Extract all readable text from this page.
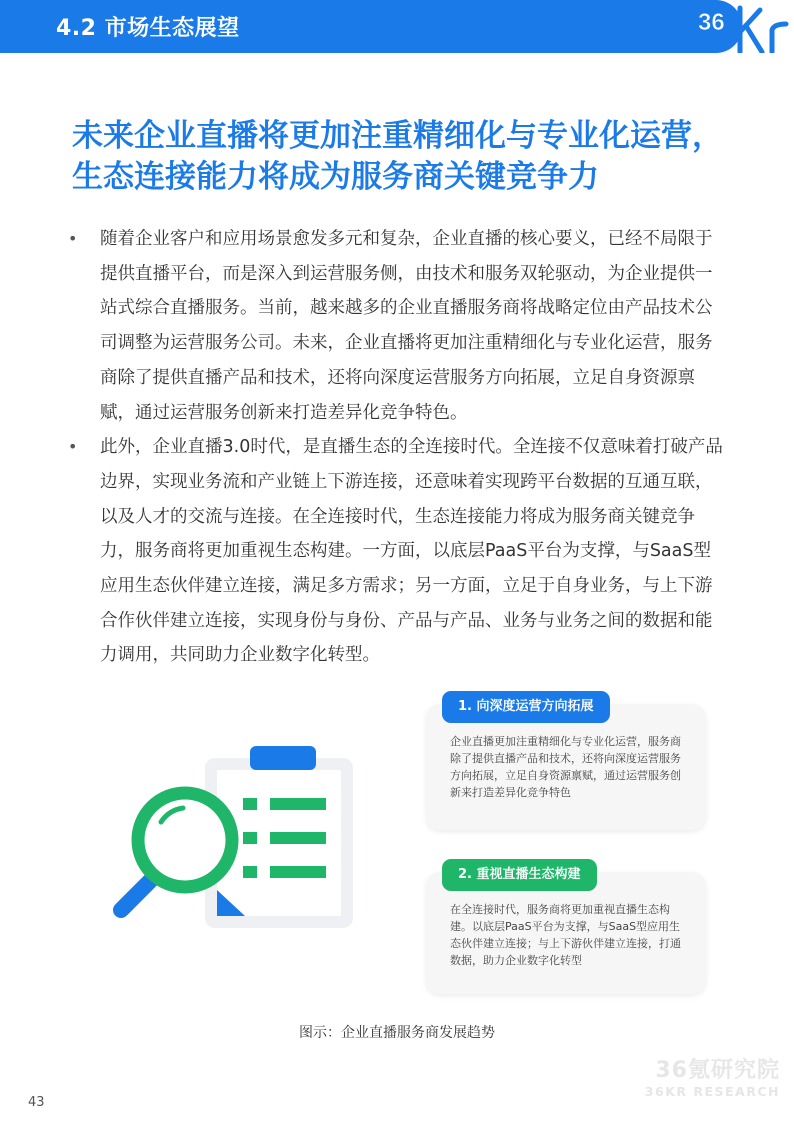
4.2 市场生态展望	36
未来企业直播将更加注重精细化与专业化运营，
生态连接能力将成为服务商关键竞争力
• 随着企业客户和应用场景愈发多元和复杂，企业直播的核心要义，已经不局限于提供直播平台，而是深入到运营服务侧，由技术和服务双轮驱动，为企业提供一站式综合直播服务。当前，越来越多的企业直播服务商将战略定位由产品技术公司调整为运营服务公司。未来，企业直播将更加注重精细化与专业化运营，服务商除了提供直播产品和技术，还将向深度运营服务方向拓展，立足自身资源禀赋，通过运营服务创新来打造差异化竞争特色。
• 此外，企业直播3.0时代，是直播生态的全连接时代。全连接不仅意味着打破产品边界，实现业务流和产业链上下游连接，还意味着实现跨平台数据的互通互联，以及人才的交流与连接。在全连接时代，生态连接能力将成为服务商关键竞争力，服务商将更加重视生态构建。一方面，以底层PaaS平台为支撑，与SaaS型应用生态伙伴建立连接，满足多方需求；另一方面，立足于自身业务，与上下游合作伙伴建立连接，实现身份与身份、产品与产品、业务与业务之间的数据和能力调用，共同助力企业数字化转型。
1. 向深度运营方向拓展
企业直播更加注重精细化与专业化运营，服务商除了提供直播产品和技术，还将向深度运营服务方向拓展，立足自身资源禀赋，通过运营服务创新来打造差异化竞争特色
2. 重视直播生态构建
在全连接时代，服务商将更加重视直播生态构建。以底层PaaS平台为支撑，与SaaS型应用生态伙伴建立连接；与上下游伙伴建立连接，打通数据，助力企业数字化转型
图示：企业直播服务商发展趋势
43
36氪研究院
36KR RESEARCH
